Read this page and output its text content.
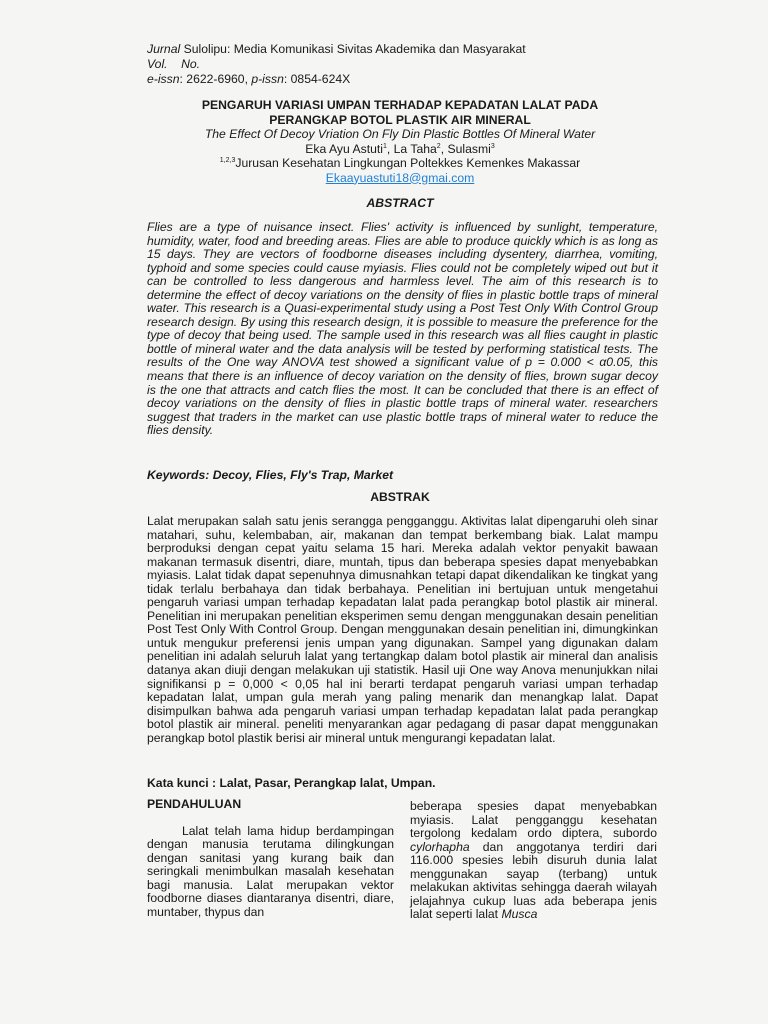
Jurnal Sulolipu: Media Komunikasi Sivitas Akademika dan Masyarakat
Vol.    No.
e-issn: 2622-6960, p-issn: 0854-624X
PENGARUH VARIASI UMPAN TERHADAP KEPADATAN LALAT PADA
PERANGKAP BOTOL PLASTIK AIR MINERAL
The Effect Of Decoy Vriation On Fly Din Plastic Bottles Of Mineral Water
Eka Ayu Astuti$^1$, La Taha$^2$, Sulasmi$^3$
$^{1,2,3}$Jurusan Kesehatan Lingkungan Poltekkes Kemenkes Makassar
Ekaayuastuti18@gmai.com
ABSTRACT

Flies are a type of nuisance insect. Flies' activity is influenced by sunlight, temperature, humidity, water, food and breeding areas. Flies are able to produce quickly which is as long as 15 days. They are vectors of foodborne diseases including dysentery, diarrhea, vomiting, typhoid and some species could cause myiasis. Flies could not be completely wiped out but it can be controlled to less dangerous and harmless level. The aim of this research is to determine the effect of decoy variations on the density of flies in plastic bottle traps of mineral water. This research is a Quasi-experimental study using a Post Test Only With Control Group research design. By using this research design, it is possible to measure the preference for the type of decoy that being used. The sample used in this research was all flies caught in plastic bottle of mineral water and the data analysis will be tested by performing statistical tests. The results of the One way ANOVA test showed a significant value of p = 0.000 < α0.05, this means that there is an influence of decoy variation on the density of flies, brown sugar decoy is the one that attracts and catch flies the most. It can be concluded that there is an effect of decoy variations on the density of flies in plastic bottle traps of mineral water. researchers suggest that traders in the market can use plastic bottle traps of mineral water to reduce the flies density.

Keywords: Decoy, Flies, Fly's Trap, Market
ABSTRAK

Lalat merupakan salah satu jenis serangga pengganggu. Aktivitas lalat dipengaruhi oleh sinar matahari, suhu, kelembaban, air, makanan dan tempat berkembang biak. Lalat mampu berproduksi dengan cepat yaitu selama 15 hari. Mereka adalah vektor penyakit bawaan makanan termasuk disentri, diare, muntah, tipus dan beberapa spesies dapat menyebabkan myiasis. Lalat tidak dapat sepenuhnya dimusnahkan tetapi dapat dikendalikan ke tingkat yang tidak terlalu berbahaya dan tidak berbahaya. Penelitian ini bertujuan untuk mengetahui pengaruh variasi umpan terhadap kepadatan lalat pada perangkap botol plastik air mineral. Penelitian ini merupakan penelitian eksperimen semu dengan menggunakan desain penelitian Post Test Only With Control Group. Dengan menggunakan desain penelitian ini, dimungkinkan untuk mengukur preferensi jenis umpan yang digunakan. Sampel yang digunakan dalam penelitian ini adalah seluruh lalat yang tertangkap dalam botol plastik air mineral dan analisis datanya akan diuji dengan melakukan uji statistik. Hasil uji One way Anova menunjukkan nilai signifikansi p = 0,000 < 0,05 hal ini berarti terdapat pengaruh variasi umpan terhadap kepadatan lalat, umpan gula merah yang paling menarik dan menangkap lalat. Dapat disimpulkan bahwa ada pengaruh variasi umpan terhadap kepadatan lalat pada perangkap botol plastik air mineral. peneliti menyarankan agar pedagang di pasar dapat menggunakan perangkap botol plastik berisi air mineral untuk mengurangi kepadatan lalat.

Kata kunci : Lalat, Pasar, Perangkap lalat, Umpan.
PENDAHULUAN
Lalat telah lama hidup berdampingan dengan manusia terutama dilingkungan dengan sanitasi yang kurang baik dan seringkali menimbulkan masalah kesehatan bagi manusia. Lalat merupakan vektor foodborne diases diantaranya disentri, diare, muntaber, thypus dan
beberapa spesies dapat menyebabkan myiasis. Lalat pengganggu kesehatan tergolong kedalam ordo diptera, subordo cylorhapha dan anggotanya terdiri dari 116.000 spesies lebih disuruh dunia lalat menggunakan sayap (terbang) untuk melakukan aktivitas sehingga daerah wilayah jelajahnya cukup luas ada beberapa jenis lalat seperti lalat Musca
